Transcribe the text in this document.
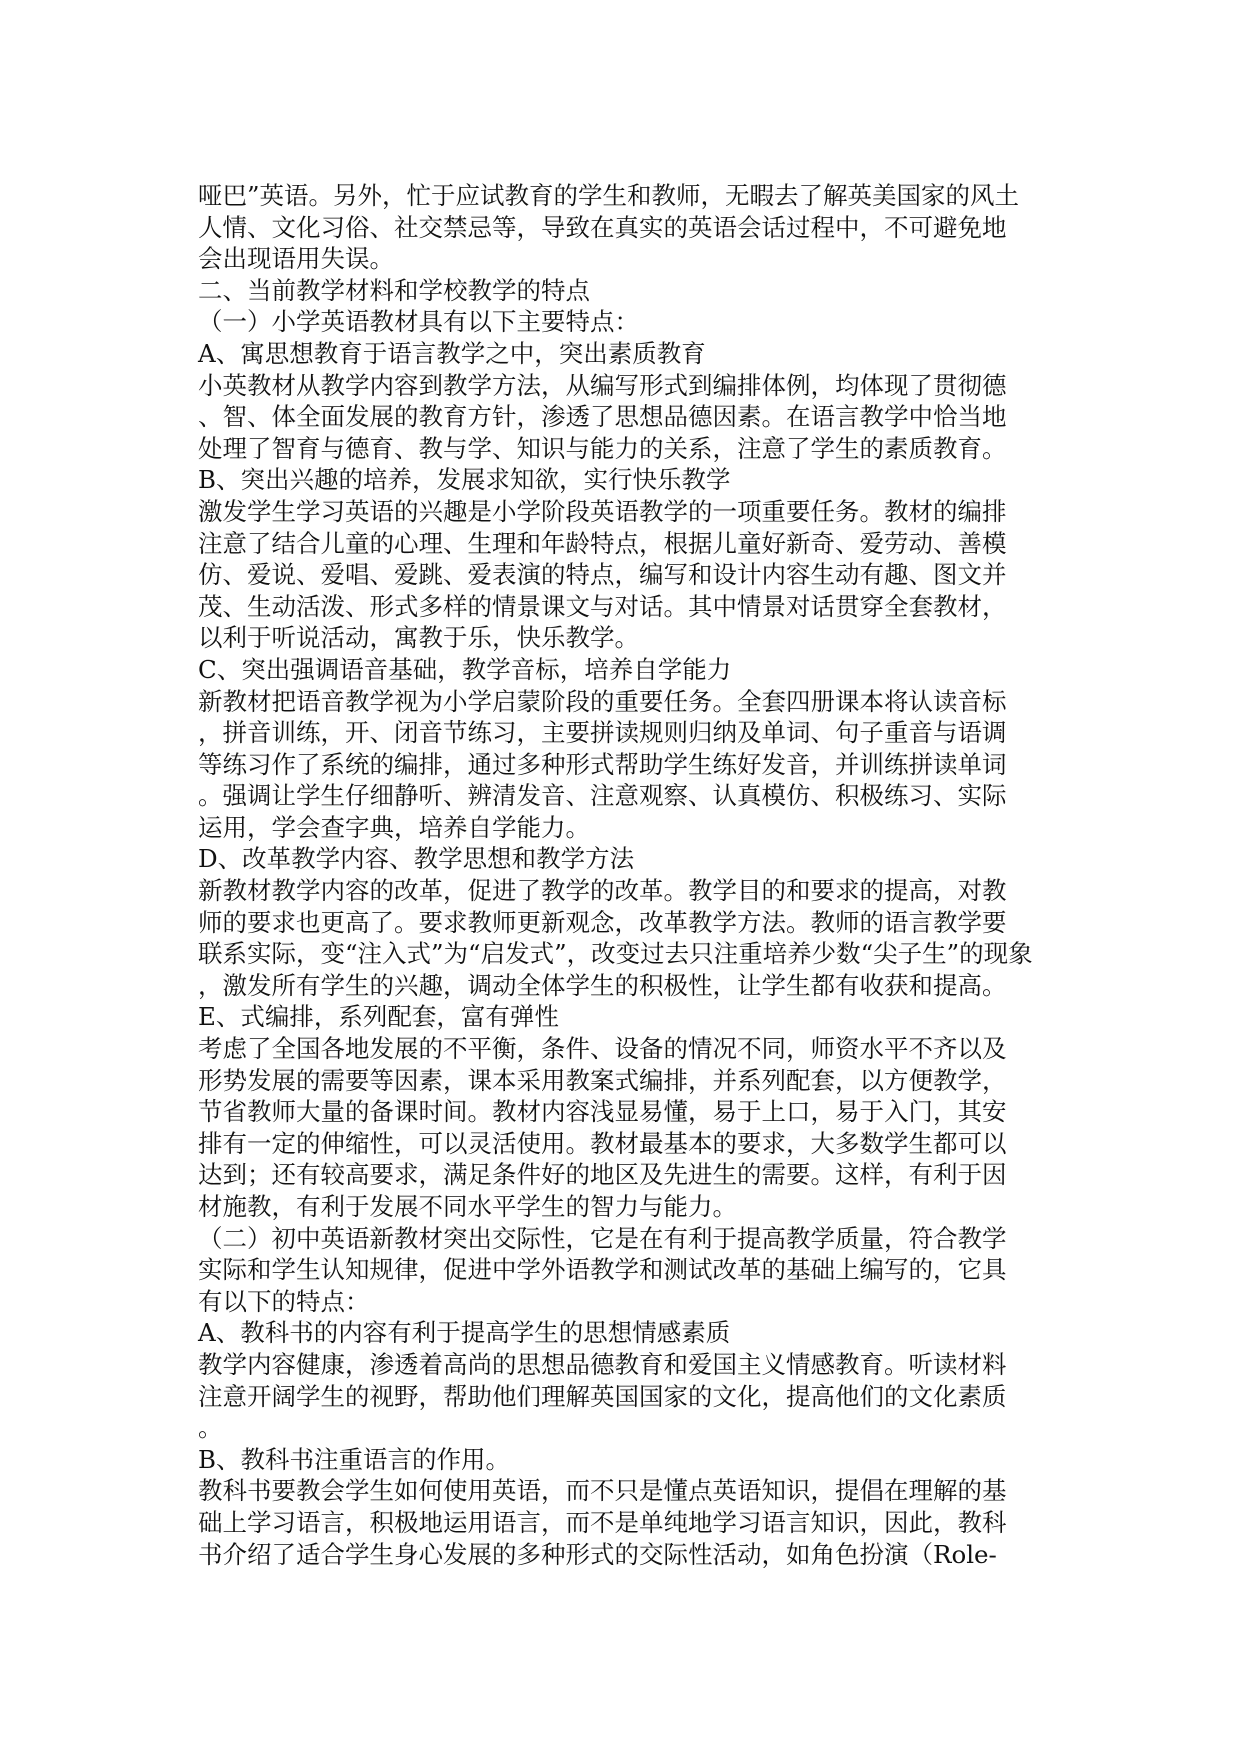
哑巴”英语。另外，忙于应试教育的学生和教师，无暇去了解英美国家的风土
人情、文化习俗、社交禁忌等，导致在真实的英语会话过程中，不可避免地
会出现语用失误。
二、当前教学材料和学校教学的特点
（一）小学英语教材具有以下主要特点：
A、寓思想教育于语言教学之中，突出素质教育
小英教材从教学内容到教学方法，从编写形式到编排体例，均体现了贯彻德
、智、体全面发展的教育方针，渗透了思想品德因素。在语言教学中恰当地
处理了智育与德育、教与学、知识与能力的关系，注意了学生的素质教育。
B、突出兴趣的培养，发展求知欲，实行快乐教学
激发学生学习英语的兴趣是小学阶段英语教学的一项重要任务。教材的编排
注意了结合儿童的心理、生理和年龄特点，根据儿童好新奇、爱劳动、善模
仿、爱说、爱唱、爱跳、爱表演的特点，编写和设计内容生动有趣、图文并
茂、生动活泼、形式多样的情景课文与对话。其中情景对话贯穿全套教材，
以利于听说活动，寓教于乐，快乐教学。
C、突出强调语音基础，教学音标，培养自学能力
新教材把语音教学视为小学启蒙阶段的重要任务。全套四册课本将认读音标
，拼音训练，开、闭音节练习，主要拼读规则归纳及单词、句子重音与语调
等练习作了系统的编排，通过多种形式帮助学生练好发音，并训练拼读单词
。强调让学生仔细静听、辨清发音、注意观察、认真模仿、积极练习、实际
运用，学会查字典，培养自学能力。
D、改革教学内容、教学思想和教学方法
新教材教学内容的改革，促进了教学的改革。教学目的和要求的提高，对教
师的要求也更高了。要求教师更新观念，改革教学方法。教师的语言教学要
联系实际，变“注入式”为“启发式”，改变过去只注重培养少数“尖子生”的现象
，激发所有学生的兴趣，调动全体学生的积极性，让学生都有收获和提高。
E、式编排，系列配套，富有弹性
考虑了全国各地发展的不平衡，条件、设备的情况不同，师资水平不齐以及
形势发展的需要等因素，课本采用教案式编排，并系列配套，以方便教学，
节省教师大量的备课时间。教材内容浅显易懂，易于上口，易于入门，其安
排有一定的伸缩性，可以灵活使用。教材最基本的要求，大多数学生都可以
达到；还有较高要求，满足条件好的地区及先进生的需要。这样，有利于因
材施教，有利于发展不同水平学生的智力与能力。
（二）初中英语新教材突出交际性，它是在有利于提高教学质量，符合教学
实际和学生认知规律，促进中学外语教学和测试改革的基础上编写的，它具
有以下的特点：
A、教科书的内容有利于提高学生的思想情感素质
教学内容健康，渗透着高尚的思想品德教育和爱国主义情感教育。听读材料
注意开阔学生的视野，帮助他们理解英国国家的文化，提高他们的文化素质
。
B、教科书注重语言的作用。
教科书要教会学生如何使用英语，而不只是懂点英语知识，提倡在理解的基
础上学习语言，积极地运用语言，而不是单纯地学习语言知识，因此，教科
书介绍了适合学生身心发展的多种形式的交际性活动，如角色扮演（Role-
